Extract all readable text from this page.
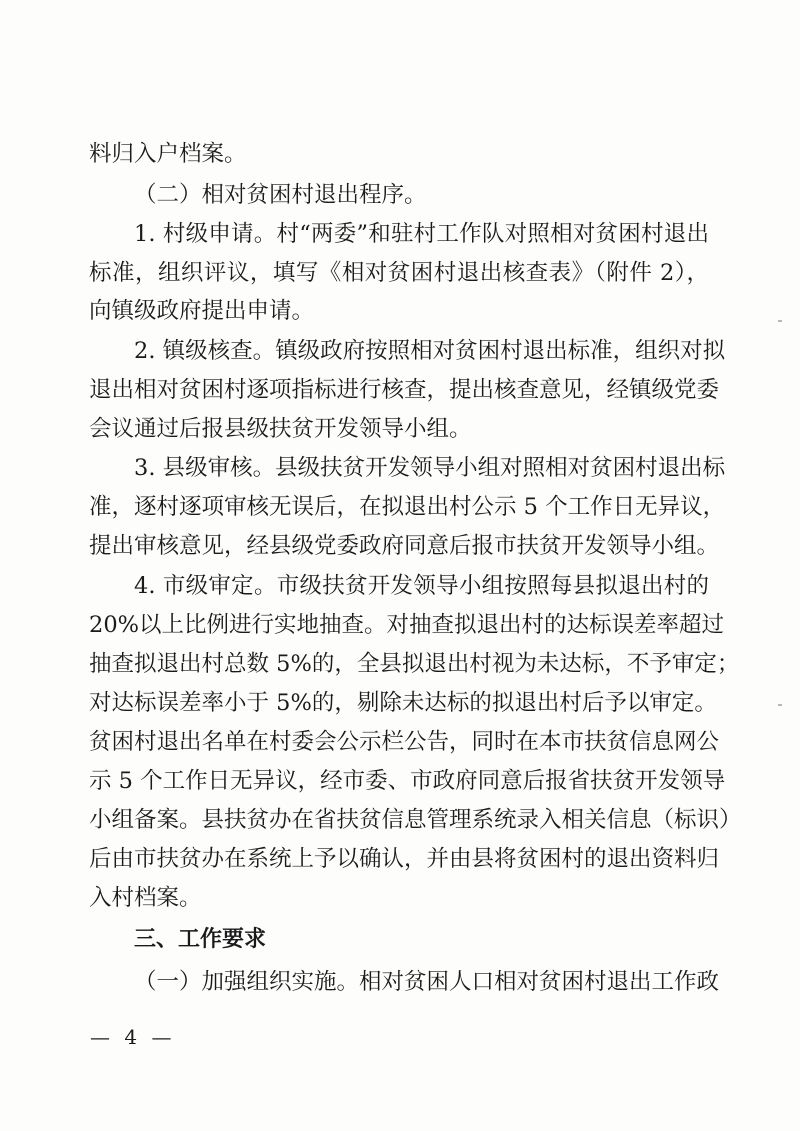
料归入户档案。
（二）相对贫困村退出程序。
1. 村级申请。村“两委”和驻村工作队对照相对贫困村退出
标准，组织评议，填写《相对贫困村退出核查表》（附件 2），
向镇级政府提出申请。
2. 镇级核查。镇级政府按照相对贫困村退出标准，组织对拟
退出相对贫困村逐项指标进行核查，提出核查意见，经镇级党委
会议通过后报县级扶贫开发领导小组。
3. 县级审核。县级扶贫开发领导小组对照相对贫困村退出标
准，逐村逐项审核无误后，在拟退出村公示 5 个工作日无异议，
提出审核意见，经县级党委政府同意后报市扶贫开发领导小组。
4. 市级审定。市级扶贫开发领导小组按照每县拟退出村的
20%以上比例进行实地抽查。对抽查拟退出村的达标误差率超过
抽查拟退出村总数 5%的，全县拟退出村视为未达标，不予审定；
对达标误差率小于 5%的，剔除未达标的拟退出村后予以审定。
贫困村退出名单在村委会公示栏公告，同时在本市扶贫信息网公
示 5 个工作日无异议，经市委、市政府同意后报省扶贫开发领导
小组备案。县扶贫办在省扶贫信息管理系统录入相关信息（标识）
后由市扶贫办在系统上予以确认，并由县将贫困村的退出资料归
入村档案。
三、工作要求
（一）加强组织实施。相对贫困人口相对贫困村退出工作政
— 4 —
